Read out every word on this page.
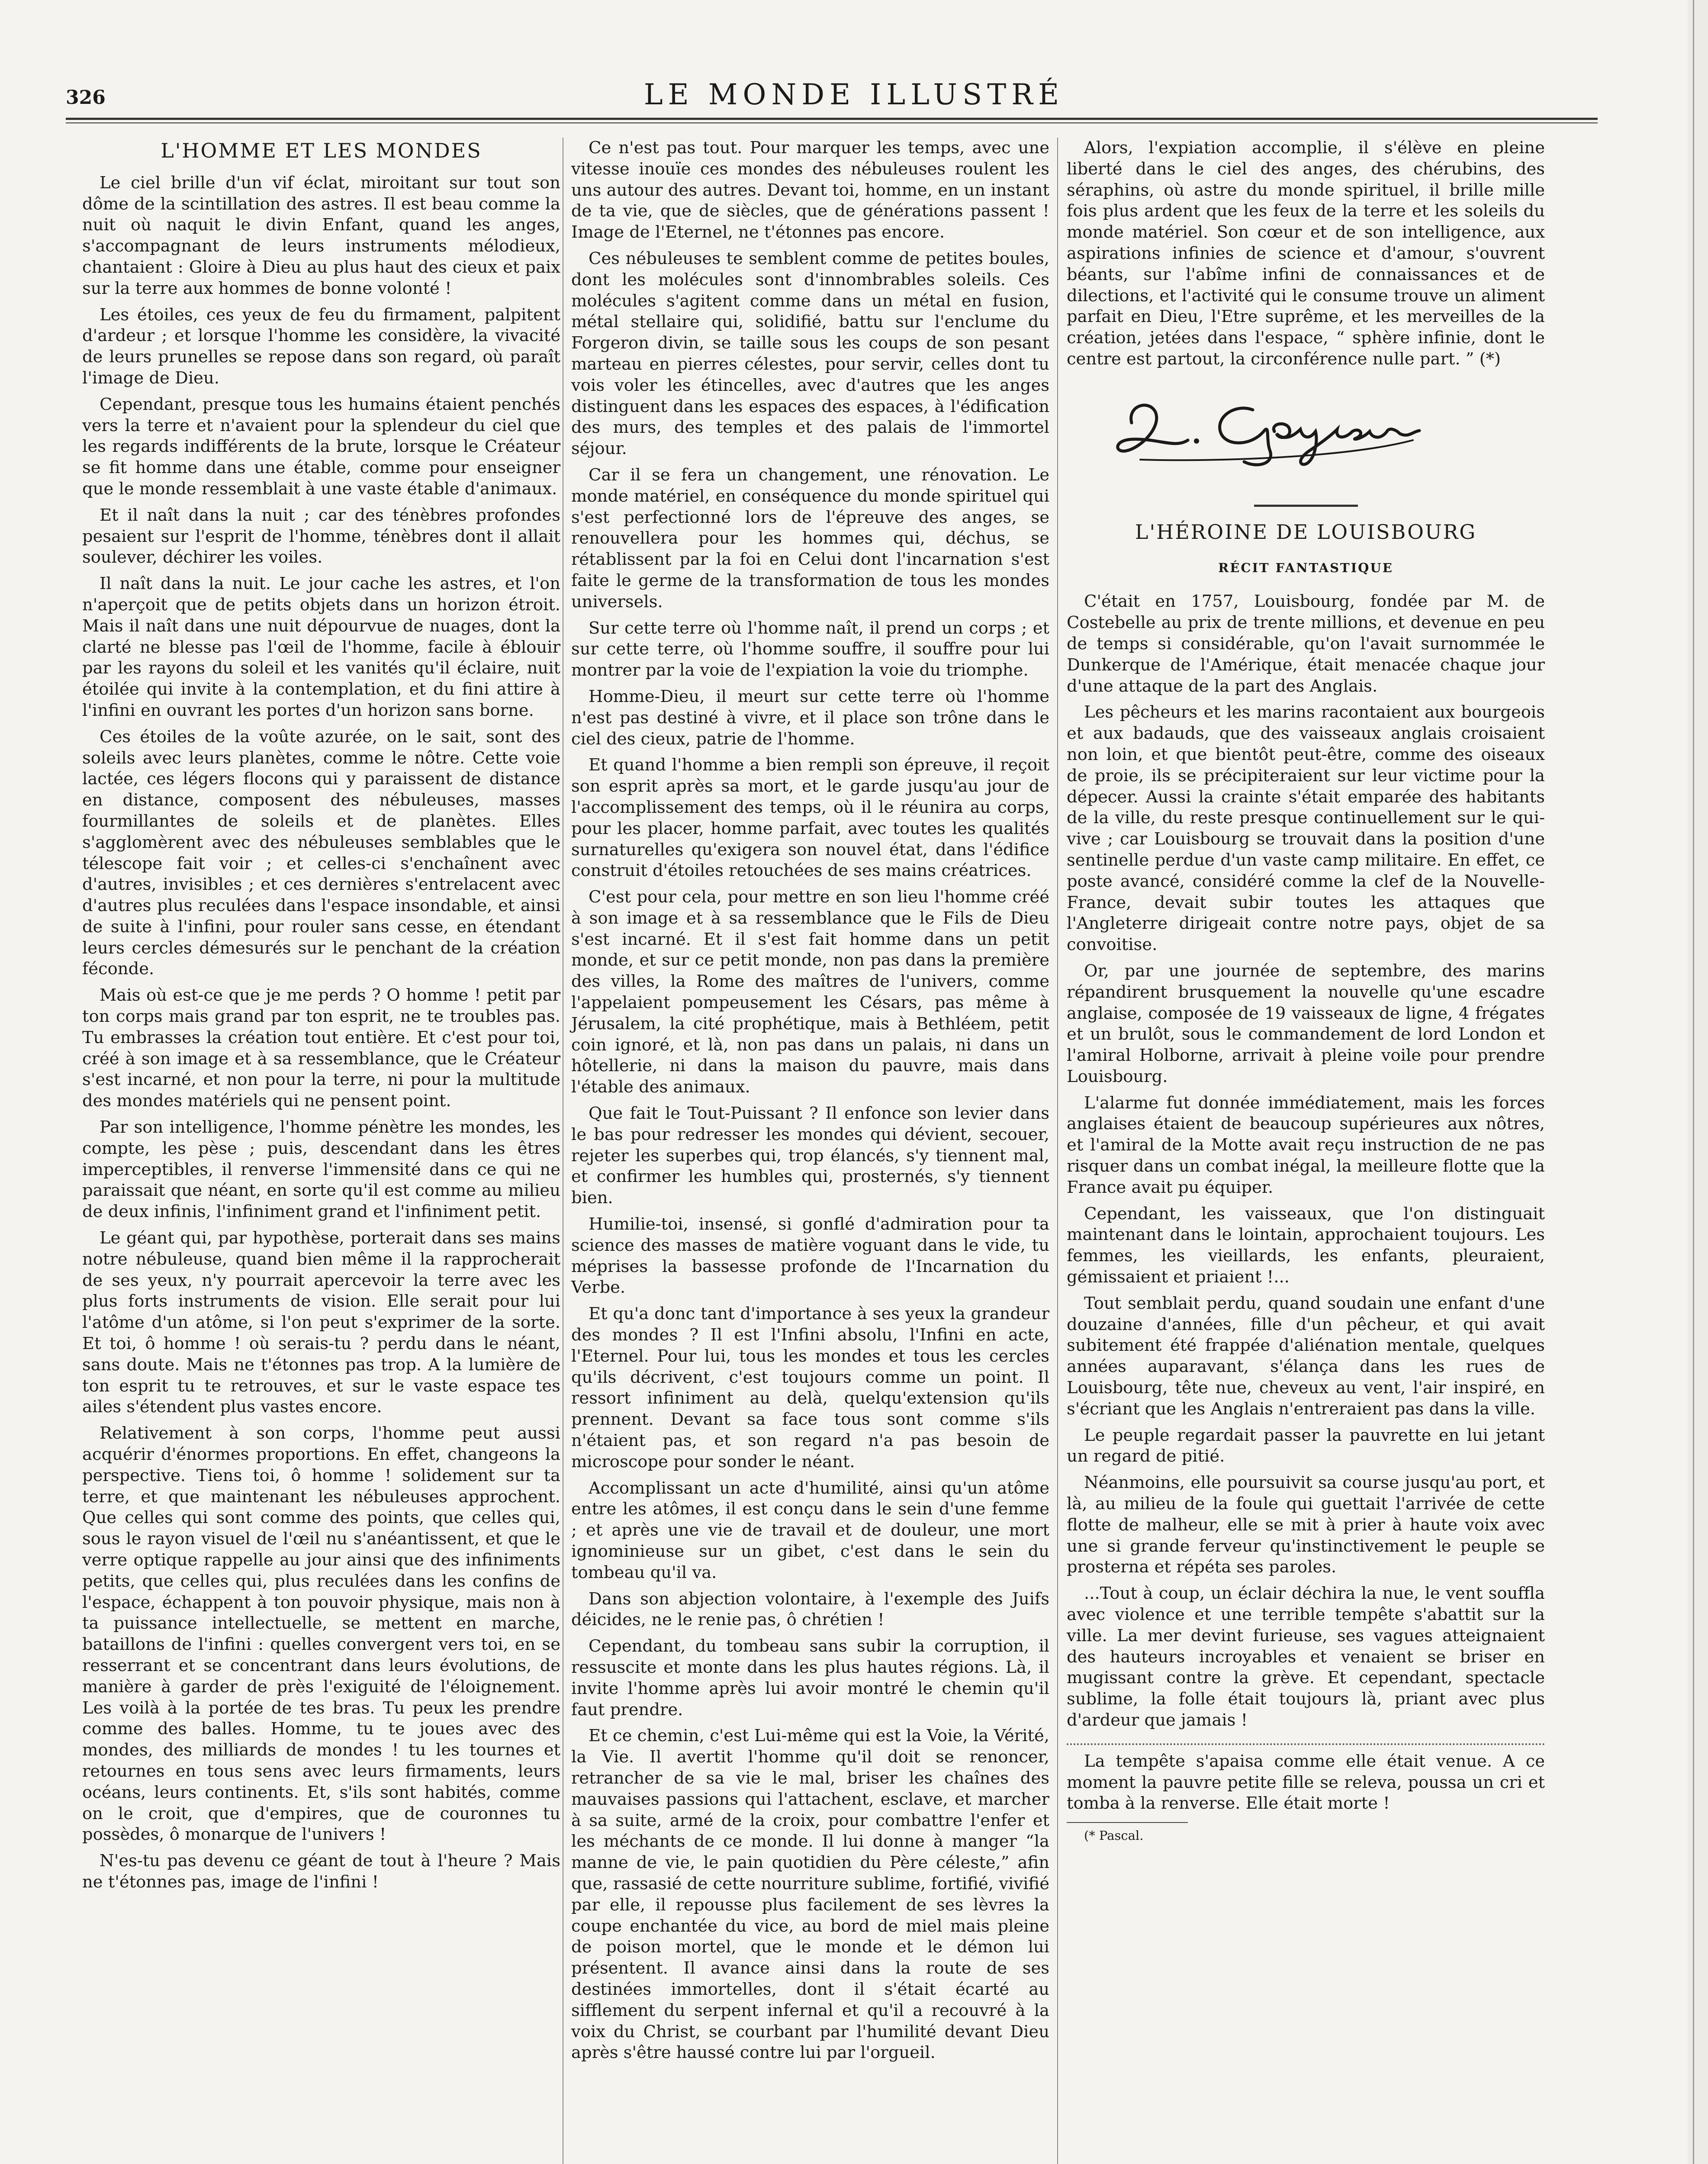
326	LE MONDE ILLUSTRÉ
L'HOMME ET LES MONDES

Le ciel brille d'un vif éclat, miroitant sur tout son dôme de la scintillation des astres. Il est beau comme la nuit où naquit le divin Enfant, quand les anges, s'accompagnant de leurs instruments mélodieux, chantaient : Gloire à Dieu au plus haut des cieux et paix sur la terre aux hommes de bonne volonté !

Les étoiles, ces yeux de feu du firmament, palpitent d'ardeur ; et lorsque l'homme les considère, la vivacité de leurs prunelles se repose dans son regard, où paraît l'image de Dieu.

Cependant, presque tous les humains étaient penchés vers la terre et n'avaient pour la splendeur du ciel que les regards indifférents de la brute, lorsque le Créateur se fit homme dans une étable, comme pour enseigner que le monde ressemblait à une vaste étable d'animaux.

Et il naît dans la nuit ; car des ténèbres profondes pesaient sur l'esprit de l'homme, ténèbres dont il allait soulever, déchirer les voiles.

Il naît dans la nuit. Le jour cache les astres, et l'on n'aperçoit que de petits objets dans un horizon étroit. Mais il naît dans une nuit dépourvue de nuages, dont la clarté ne blesse pas l'œil de l'homme, facile à éblouir par les rayons du soleil et les vanités qu'il éclaire, nuit étoilée qui invite à la contemplation, et du fini attire à l'infini en ouvrant les portes d'un horizon sans borne.

Ces étoiles de la voûte azurée, on le sait, sont des soleils avec leurs planètes, comme le nôtre. Cette voie lactée, ces légers flocons qui y paraissent de distance en distance, composent des nébuleuses, masses fourmillantes de soleils et de planètes. Elles s'agglomèrent avec des nébuleuses semblables que le télescope fait voir ; et celles-ci s'enchaînent avec d'autres, invisibles ; et ces dernières s'entrelacent avec d'autres plus reculées dans l'espace insondable, et ainsi de suite à l'infini, pour rouler sans cesse, en étendant leurs cercles démesurés sur le penchant de la création féconde.

Mais où est-ce que je me perds ? O homme ! petit par ton corps mais grand par ton esprit, ne te troubles pas. Tu embrasses la création tout entière. Et c'est pour toi, créé à son image et à sa ressemblance, que le Créateur s'est incarné, et non pour la terre, ni pour la multitude des mondes matériels qui ne pensent point.

Par son intelligence, l'homme pénètre les mondes, les compte, les pèse ; puis, descendant dans les êtres imperceptibles, il renverse l'immensité dans ce qui ne paraissait que néant, en sorte qu'il est comme au milieu de deux infinis, l'infiniment grand et l'infiniment petit.

Le géant qui, par hypothèse, porterait dans ses mains notre nébuleuse, quand bien même il la rapprocherait de ses yeux, n'y pourrait apercevoir la terre avec les plus forts instruments de vision. Elle serait pour lui l'atôme d'un atôme, si l'on peut s'exprimer de la sorte. Et toi, ô homme ! où serais-tu ? perdu dans le néant, sans doute. Mais ne t'étonnes pas trop. A la lumière de ton esprit tu te retrouves, et sur le vaste espace tes ailes s'étendent plus vastes encore.

Relativement à son corps, l'homme peut aussi acquérir d'énormes proportions. En effet, changeons la perspective. Tiens toi, ô homme ! solidement sur ta terre, et que maintenant les nébuleuses approchent. Que celles qui sont comme des points, que celles qui, sous le rayon visuel de l'œil nu s'anéantissent, et que le verre optique rappelle au jour ainsi que des infiniments petits, que celles qui, plus reculées dans les confins de l'espace, échappent à ton pouvoir physique, mais non à ta puissance intellectuelle, se mettent en marche, bataillons de l'infini : quelles convergent vers toi, en se resserrant et se concentrant dans leurs évolutions, de manière à garder de près l'exiguité de l'éloignement. Les voilà à la portée de tes bras. Tu peux les prendre comme des balles. Homme, tu te joues avec des mondes, des milliards de mondes ! tu les tournes et retournes en tous sens avec leurs firmaments, leurs océans, leurs continents. Et, s'ils sont habités, comme on le croit, que d'empires, que de couronnes tu possèdes, ô monarque de l'univers !

N'es-tu pas devenu ce géant de tout à l'heure ? Mais ne t'étonnes pas, image de l'infini !

Ce n'est pas tout. Pour marquer les temps, avec une vitesse inouïe ces mondes des nébuleuses roulent les uns autour des autres. Devant toi, homme, en un instant de ta vie, que de siècles, que de générations passent ! Image de l'Eternel, ne t'étonnes pas encore.

Ces nébuleuses te semblent comme de petites boules, dont les molécules sont d'innombrables soleils. Ces molécules s'agitent comme dans un métal en fusion, métal stellaire qui, solidifié, battu sur l'enclume du Forgeron divin, se taille sous les coups de son pesant marteau en pierres célestes, pour servir, celles dont tu vois voler les étincelles, avec d'autres que les anges distinguent dans les espaces des espaces, à l'édification des murs, des temples et des palais de l'immortel séjour.

Car il se fera un changement, une rénovation. Le monde matériel, en conséquence du monde spirituel qui s'est perfectionné lors de l'épreuve des anges, se renouvellera pour les hommes qui, déchus, se rétablissent par la foi en Celui dont l'incarnation s'est faite le germe de la transformation de tous les mondes universels.

Sur cette terre où l'homme naît, il prend un corps ; et sur cette terre, où l'homme souffre, il souffre pour lui montrer par la voie de l'expiation la voie du triomphe.

Homme-Dieu, il meurt sur cette terre où l'homme n'est pas destiné à vivre, et il place son trône dans le ciel des cieux, patrie de l'homme.

Et quand l'homme a bien rempli son épreuve, il reçoit son esprit après sa mort, et le garde jusqu'au jour de l'accomplissement des temps, où il le réunira au corps, pour les placer, homme parfait, avec toutes les qualités surnaturelles qu'exigera son nouvel état, dans l'édifice construit d'étoiles retouchées de ses mains créatrices.

C'est pour cela, pour mettre en son lieu l'homme créé à son image et à sa ressemblance que le Fils de Dieu s'est incarné. Et il s'est fait homme dans un petit monde, et sur ce petit monde, non pas dans la première des villes, la Rome des maîtres de l'univers, comme l'appelaient pompeusement les Césars, pas même à Jérusalem, la cité prophétique, mais à Bethléem, petit coin ignoré, et là, non pas dans un palais, ni dans un hôtellerie, ni dans la maison du pauvre, mais dans l'étable des animaux.

Que fait le Tout-Puissant ? Il enfonce son levier dans le bas pour redresser les mondes qui dévient, secouer, rejeter les superbes qui, trop élancés, s'y tiennent mal, et confirmer les humbles qui, prosternés, s'y tiennent bien.

Humilie-toi, insensé, si gonflé d'admiration pour ta science des masses de matière voguant dans le vide, tu méprises la bassesse profonde de l'Incarnation du Verbe.

Et qu'a donc tant d'importance à ses yeux la grandeur des mondes ? Il est l'Infini absolu, l'Infini en acte, l'Eternel. Pour lui, tous les mondes et tous les cercles qu'ils décrivent, c'est toujours comme un point. Il ressort infiniment au delà, quelqu'extension qu'ils prennent. Devant sa face tous sont comme s'ils n'étaient pas, et son regard n'a pas besoin de microscope pour sonder le néant.

Accomplissant un acte d'humilité, ainsi qu'un atôme entre les atômes, il est conçu dans le sein d'une femme ; et après une vie de travail et de douleur, une mort ignominieuse sur un gibet, c'est dans le sein du tombeau qu'il va.

Dans son abjection volontaire, à l'exemple des Juifs déicides, ne le renie pas, ô chrétien !

Cependant, du tombeau sans subir la corruption, il ressuscite et monte dans les plus hautes régions. Là, il invite l'homme après lui avoir montré le chemin qu'il faut prendre.

Et ce chemin, c'est Lui-même qui est la Voie, la Vérité, la Vie. Il avertit l'homme qu'il doit se renoncer, retrancher de sa vie le mal, briser les chaînes des mauvaises passions qui l'attachent, esclave, et marcher à sa suite, armé de la croix, pour combattre l'enfer et les méchants de ce monde. Il lui donne à manger “la manne de vie, le pain quotidien du Père céleste,” afin que, rassasié de cette nourriture sublime, fortifié, vivifié par elle, il repousse plus facilement de ses lèvres la coupe enchantée du vice, au bord de miel mais pleine de poison mortel, que le monde et le démon lui présentent. Il avance ainsi dans la route de ses destinées immortelles, dont il s'était écarté au sifflement du serpent infernal et qu'il a recouvré à la voix du Christ, se courbant par l'humilité devant Dieu après s'être haussé contre lui par l'orgueil.

Alors, l'expiation accomplie, il s'élève en pleine liberté dans le ciel des anges, des chérubins, des séraphins, où astre du monde spirituel, il brille mille fois plus ardent que les feux de la terre et les soleils du monde matériel. Son cœur et de son intelligence, aux aspirations infinies de science et d'amour, s'ouvrent béants, sur l'abîme infini de connaissances et de dilections, et l'activité qui le consume trouve un aliment parfait en Dieu, l'Etre suprême, et les merveilles de la création, jetées dans l'espace, “ sphère infinie, dont le centre est partout, la circonférence nulle part. ” (*)

L'HÉROINE DE LOUISBOURG
RÉCIT FANTASTIQUE

C'était en 1757, Louisbourg, fondée par M. de Costebelle au prix de trente millions, et devenue en peu de temps si considérable, qu'on l'avait surnommée le Dunkerque de l'Amérique, était menacée chaque jour d'une attaque de la part des Anglais.

Les pêcheurs et les marins racontaient aux bourgeois et aux badauds, que des vaisseaux anglais croisaient non loin, et que bientôt peut-être, comme des oiseaux de proie, ils se précipiteraient sur leur victime pour la dépecer. Aussi la crainte s'était emparée des habitants de la ville, du reste presque continuellement sur le qui-vive ; car Louisbourg se trouvait dans la position d'une sentinelle perdue d'un vaste camp militaire. En effet, ce poste avancé, considéré comme la clef de la Nouvelle-France, devait subir toutes les attaques que l'Angleterre dirigeait contre notre pays, objet de sa convoitise.

Or, par une journée de septembre, des marins répandirent brusquement la nouvelle qu'une escadre anglaise, composée de 19 vaisseaux de ligne, 4 frégates et un brulôt, sous le commandement de lord London et l'amiral Holborne, arrivait à pleine voile pour prendre Louisbourg.

L'alarme fut donnée immédiatement, mais les forces anglaises étaient de beaucoup supérieures aux nôtres, et l'amiral de la Motte avait reçu instruction de ne pas risquer dans un combat inégal, la meilleure flotte que la France avait pu équiper.

Cependant, les vaisseaux, que l'on distinguait maintenant dans le lointain, approchaient toujours. Les femmes, les vieillards, les enfants, pleuraient, gémissaient et priaient !...

Tout semblait perdu, quand soudain une enfant d'une douzaine d'années, fille d'un pêcheur, et qui avait subitement été frappée d'aliénation mentale, quelques années auparavant, s'élança dans les rues de Louisbourg, tête nue, cheveux au vent, l'air inspiré, en s'écriant que les Anglais n'entreraient pas dans la ville.

Le peuple regardait passer la pauvrette en lui jetant un regard de pitié.

Néanmoins, elle poursuivit sa course jusqu'au port, et là, au milieu de la foule qui guettait l'arrivée de cette flotte de malheur, elle se mit à prier à haute voix avec une si grande ferveur qu'instinctivement le peuple se prosterna et répéta ses paroles.

...Tout à coup, un éclair déchira la nue, le vent souffla avec violence et une terrible tempête s'abattit sur la ville. La mer devint furieuse, ses vagues atteignaient des hauteurs incroyables et venaient se briser en mugissant contre la grève. Et cependant, spectacle sublime, la folle était toujours là, priant avec plus d'ardeur que jamais !

La tempête s'apaisa comme elle était venue. A ce moment la pauvre petite fille se releva, poussa un cri et tomba à la renverse. Elle était morte !

(* Pascal.
